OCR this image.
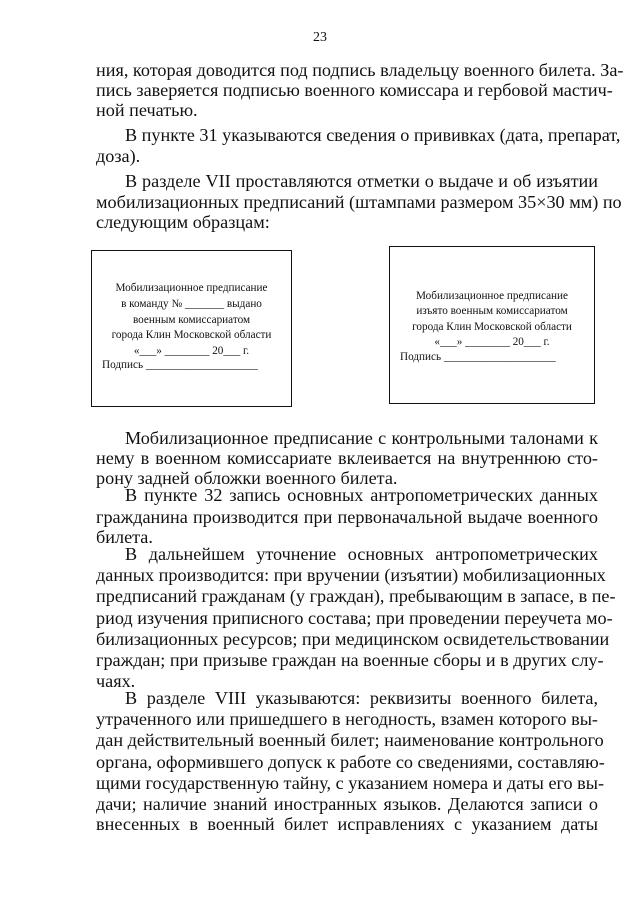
23
ния, которая доводится под подпись владельцу военного билета. За-
пись заверяется подписью военного комиссара и гербовой мастич-
ной печатью.
В пункте 31 указываются сведения о прививках (дата, препарат,
доза).
В разделе VII проставляются отметки о выдаче и об изъятии
мобилизационных предписаний (штампами размером 35×30 мм) по
следующим образцам:
Мобилизационное предписание
в команду № _______ выдано
военным комиссариатом
города Клин Московской области
«___» ________ 20___ г.
Подпись ____________________
Мобилизационное предписание
изъято военным комиссариатом
города Клин Московской области
«___» ________ 20___ г.
Подпись ____________________
Мобилизационное предписание с контрольными талонами к
нему в военном комиссариате вклеивается на внутреннюю сто-
рону задней обложки военного билета.
В пункте 32 запись основных антропометрических данных
гражданина производится при первоначальной выдаче военного
билета.
В дальнейшем уточнение основных антропометрических
данных производится: при вручении (изъятии) мобилизационных
предписаний гражданам (у граждан), пребывающим в запасе, в пе-
риод изучения приписного состава; при проведении переучета мо-
билизационных ресурсов; при медицинском освидетельствовании
граждан; при призыве граждан на военные сборы и в других слу-
чаях.
В разделе VIII указываются: реквизиты военного билета,
утраченного или пришедшего в негодность, взамен которого вы-
дан действительный военный билет; наименование контрольного
органа, оформившего допуск к работе со сведениями, составляю-
щими государственную тайну, с указанием номера и даты его вы-
дачи; наличие знаний иностранных языков. Делаются записи о
внесенных в военный билет исправлениях с указанием даты
